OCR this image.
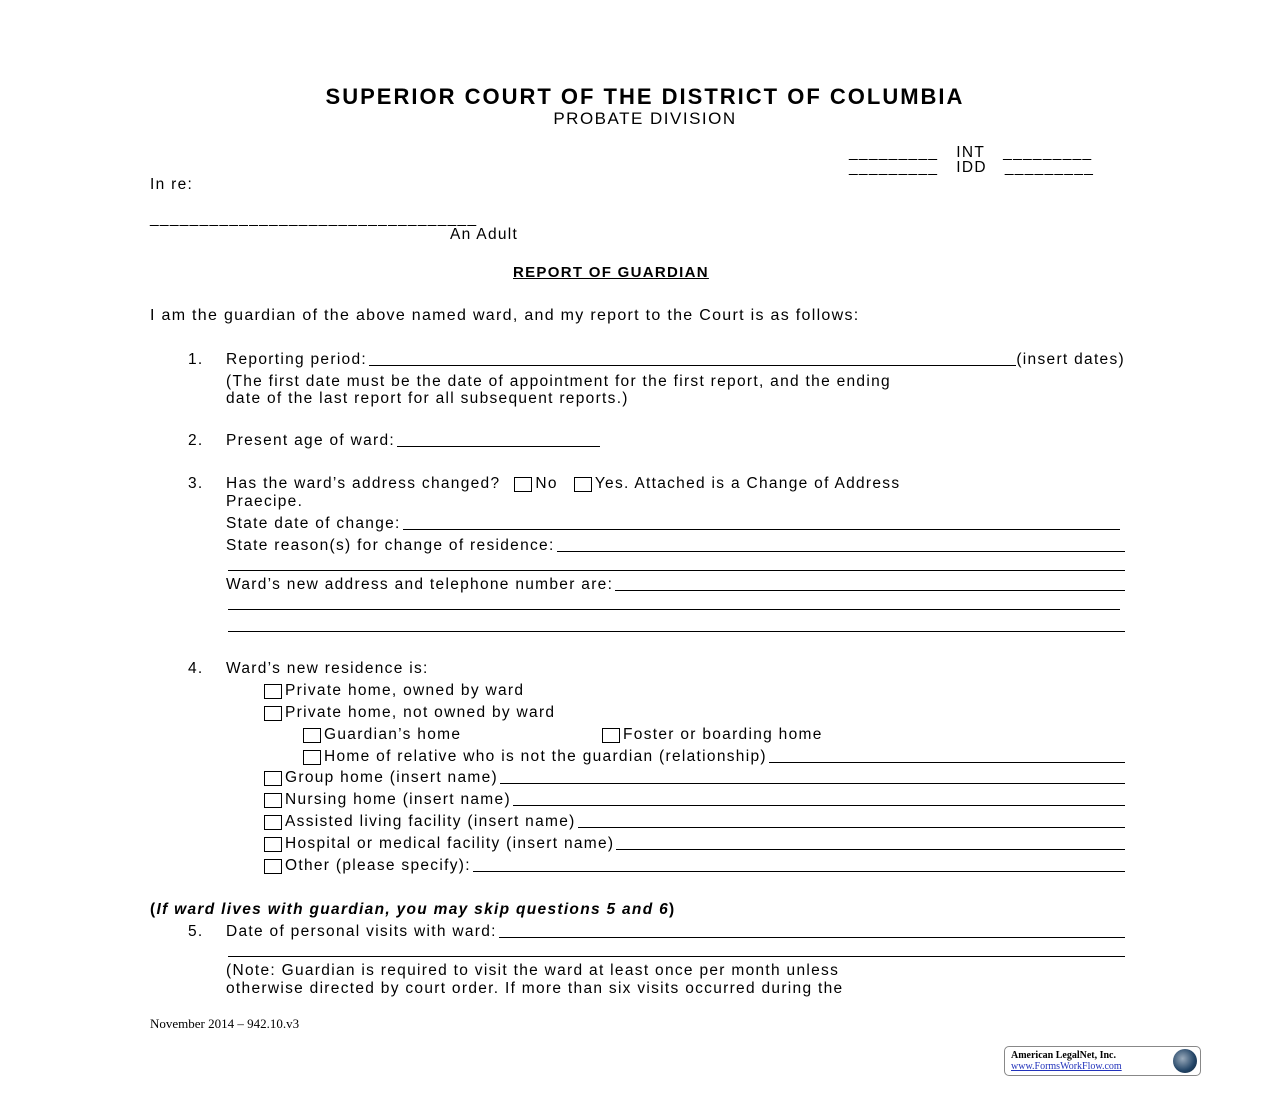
SUPERIOR COURT OF THE DISTRICT OF COLUMBIA
PROBATE DIVISION
_________ INT _________
_________ IDD _________
In re:
_________________________________
An Adult
REPORT OF GUARDIAN
I am the guardian of the above named ward, and my report to the Court is as follows:
1.	Reporting period:	(insert dates)
(The first date must be the date of appointment for the first report, and the ending
date of the last report for all subsequent reports.)
2.	Present age of ward:
3.	Has the ward’s address changed? No Yes. Attached is a Change of Address
Praecipe.
State date of change:
State reason(s) for change of residence:
Ward’s new address and telephone number are:
4.	Ward’s new residence is:
Private home, owned by ward
Private home, not owned by ward
Guardian’s home	Foster or boarding home
Home of relative who is not the guardian (relationship)
Group home (insert name)
Nursing home (insert name)
Assisted living facility (insert name)
Hospital or medical facility (insert name)
Other (please specify):
( If ward lives with guardian, you may skip questions 5 and 6 )
5.	Date of personal visits with ward:
(Note: Guardian is required to visit the ward at least once per month unless
otherwise directed by court order. If more than six visits occurred during the
November 2014 – 942.10.v3
American LegalNet, Inc.
www.FormsWorkFlow.com
